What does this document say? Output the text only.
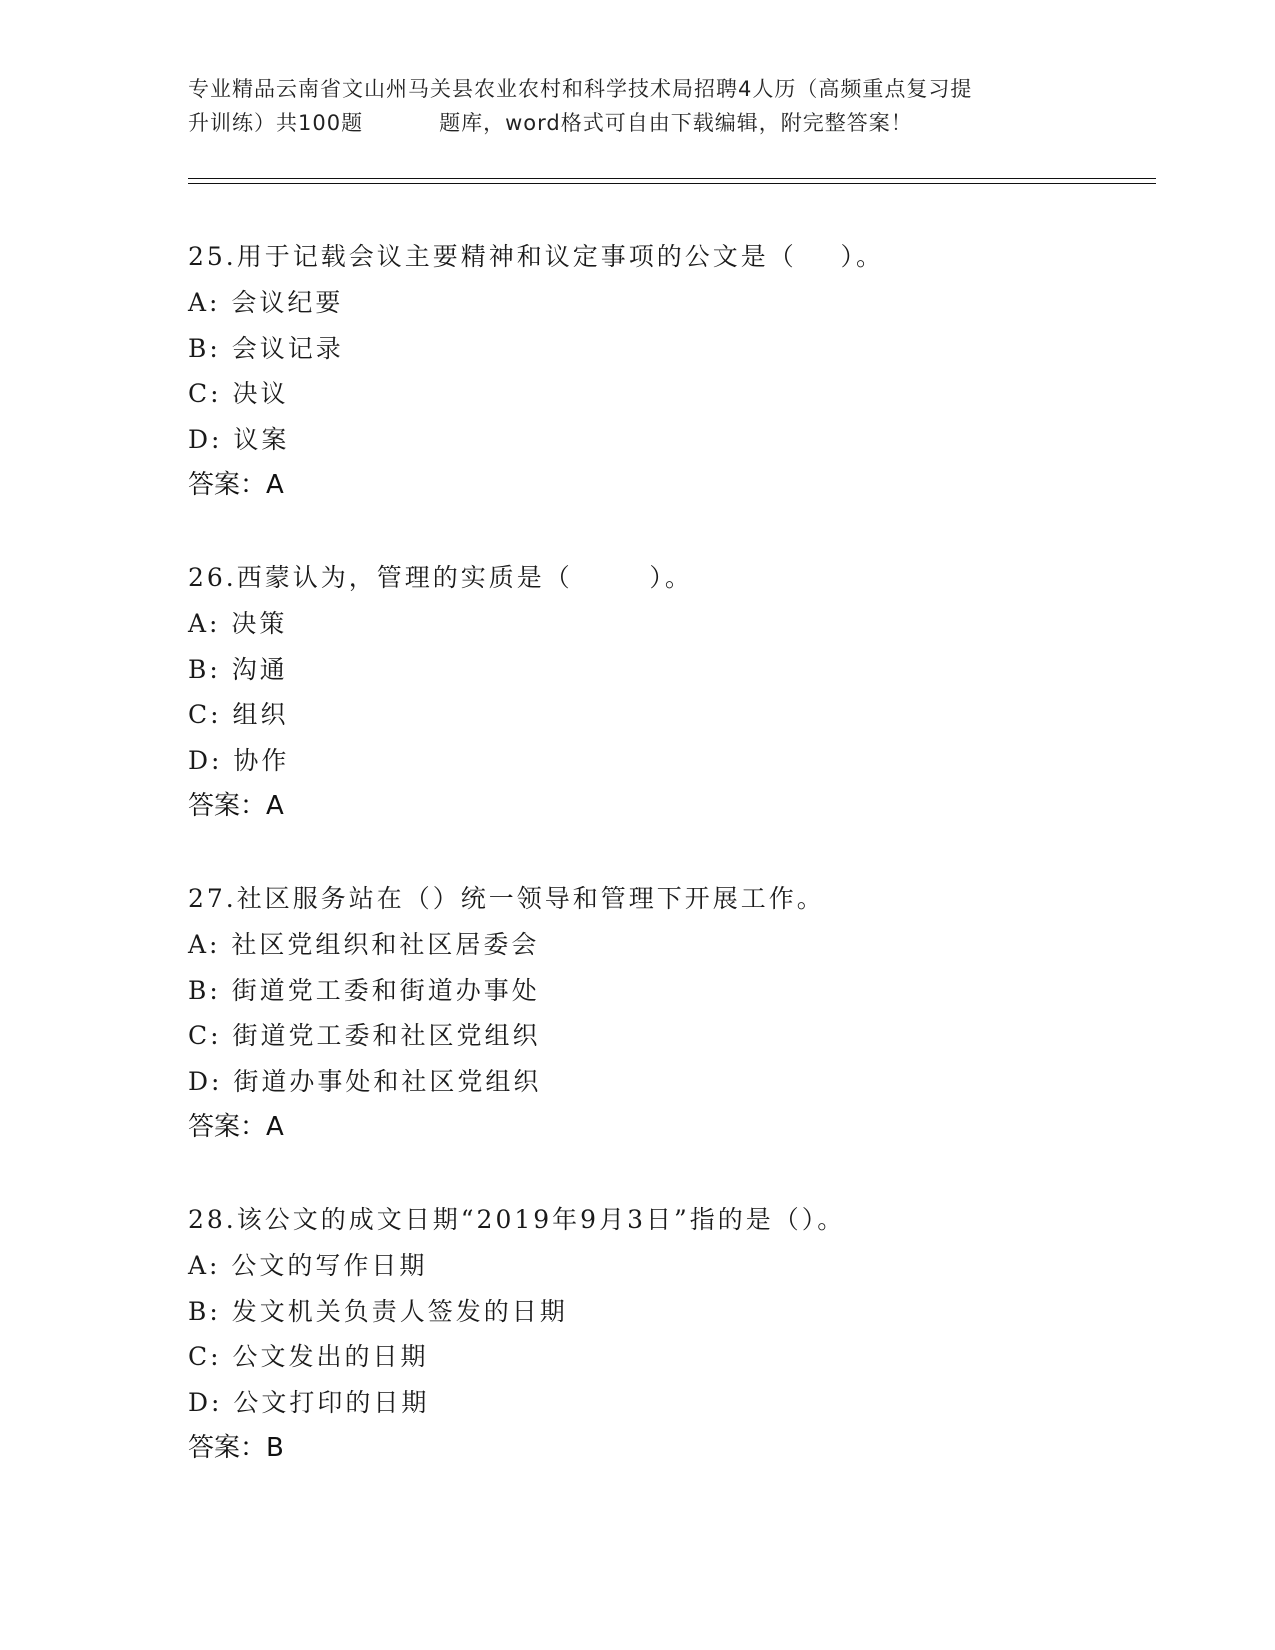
专业精品云南省文山州马关县农业农村和科学技术局招聘4人历（高频重点复习提
升训练）共100题	题库，word格式可自由下载编辑，附完整答案！
25.用于记载会议主要精神和议定事项的公文是（    ）。
A: 会议纪要
B: 会议记录
C: 决议
D: 议案
答案：A
26.西蒙认为，管理的实质是（       ）。
A: 决策
B: 沟通
C: 组织
D: 协作
答案：A
27.社区服务站在（）统一领导和管理下开展工作。
A: 社区党组织和社区居委会
B: 街道党工委和街道办事处
C: 街道党工委和社区党组织
D: 街道办事处和社区党组织
答案：A
28.该公文的成文日期“2019年9月3日”指的是（）。
A: 公文的写作日期
B: 发文机关负责人签发的日期
C: 公文发出的日期
D: 公文打印的日期
答案：B
